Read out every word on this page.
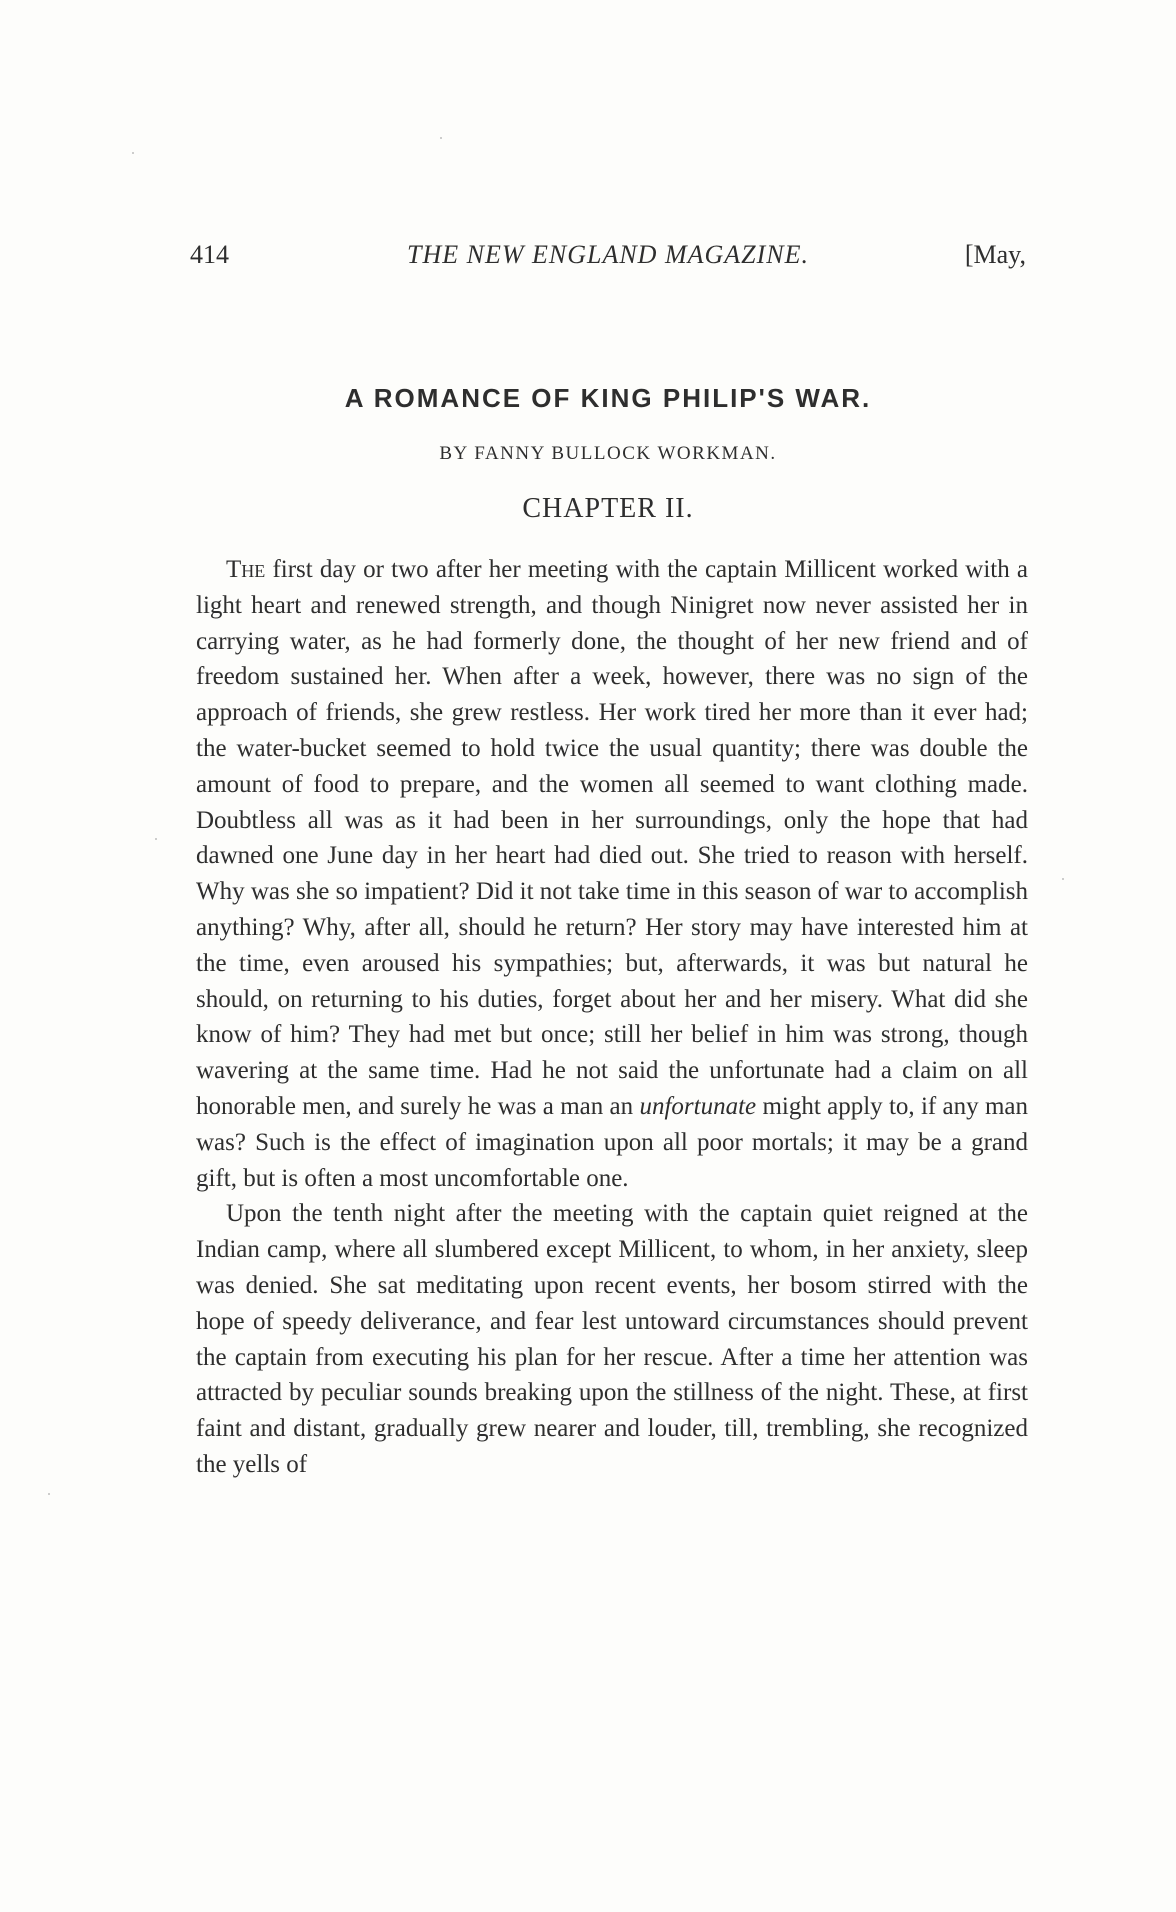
414	THE NEW ENGLAND MAGAZINE.	[May,
A ROMANCE OF KING PHILIP'S WAR.
BY FANNY BULLOCK WORKMAN.
CHAPTER II.

The first day or two after her meeting with the captain Millicent worked with a light heart and renewed strength, and though Ninigret now never assisted her in carrying water, as he had formerly done, the thought of her new friend and of freedom sustained her. When after a week, however, there was no sign of the approach of friends, she grew restless. Her work tired her more than it ever had; the water-bucket seemed to hold twice the usual quantity; there was double the amount of food to prepare, and the women all seemed to want clothing made. Doubtless all was as it had been in her surroundings, only the hope that had dawned one June day in her heart had died out. She tried to reason with herself. Why was she so impatient? Did it not take time in this season of war to accomplish anything? Why, after all, should he return? Her story may have interested him at the time, even aroused his sympathies; but, afterwards, it was but natural he should, on returning to his duties, forget about her and her misery. What did she know of him? They had met but once; still her belief in him was strong, though wavering at the same time. Had he not said the unfortunate had a claim on all honorable men, and surely he was a man an unfortunate might apply to, if any man was? Such is the effect of imagination upon all poor mortals; it may be a grand gift, but is often a most uncomfortable one.

Upon the tenth night after the meeting with the captain quiet reigned at the Indian camp, where all slumbered except Millicent, to whom, in her anxiety, sleep was denied. She sat meditating upon recent events, her bosom stirred with the hope of speedy deliverance, and fear lest untoward circumstances should prevent the captain from executing his plan for her rescue. After a time her attention was attracted by peculiar sounds breaking upon the stillness of the night. These, at first faint and distant, gradually grew nearer and louder, till, trembling, she recognized the yells of
